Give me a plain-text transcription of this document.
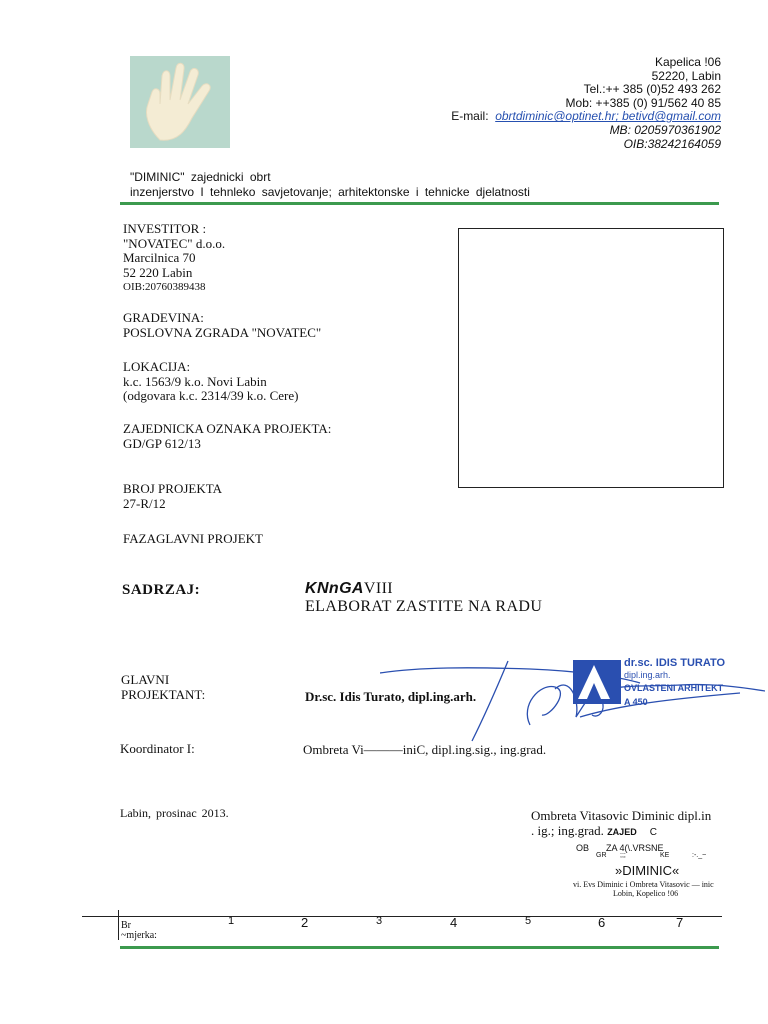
Kapelica !06
52220, Labin
Tel.:++ 385 (0)52 493 262
Mob: ++385 (0) 91/562 40 85
E-mail: obrtdiminic@optinet.hr; betivd@gmail.com
MB: 0205970361902
OIB:38242164059
"DIMINIC" zajednicki obrt
inzenjerstvo I tehnleko savjetovanje; arhitektonske i tehnicke djelatnosti
INVESTITOR :
"NOVATEC" d.o.o.
Marcilnica 70
52 220 Labin
OIB:20760389438
GRADEVINA:
POSLOVNA ZGRADA "NOVATEC"
LOKACIJA:
k.c. 1563/9 k.o. Novi Labin
(odgovara k.c. 2314/39 k.o. Cere)
ZAJEDNICKA OZNAKA PROJEKTA:
GD/GP 612/13
BROJ PROJEKTA
27-R/12
FAZAGLAVNI PROJEKT
SADRZAJ:	KNnGAVIII
ELABORAT ZASTITE NA RADU
GLAVNI
PROJEKTANT:	Dr.sc. Idis Turato, dipl.ing.arh.
dr.sc. IDIS TURATO
dipl.ing.arh.
OVLASTENI ARHITEKT
A 450
Koordinator I:	Ombreta Vi———iniC, dipl.ing.sig., ing.grad.
Labin, prosinac 2013.	Ombreta Vitasovic Diminic dipl.in
. ig.; ing.grad. ZAJED C
OB ZA 4(\.VRSNE
GR ;;;	KE	:-._~
»DIMINIC«
vi. Evs Diminic i Ombreta Vitasovic — inic
Lobin, Kopelico !06
Br
~mjerka:
1	2	3	4	5	6	7
